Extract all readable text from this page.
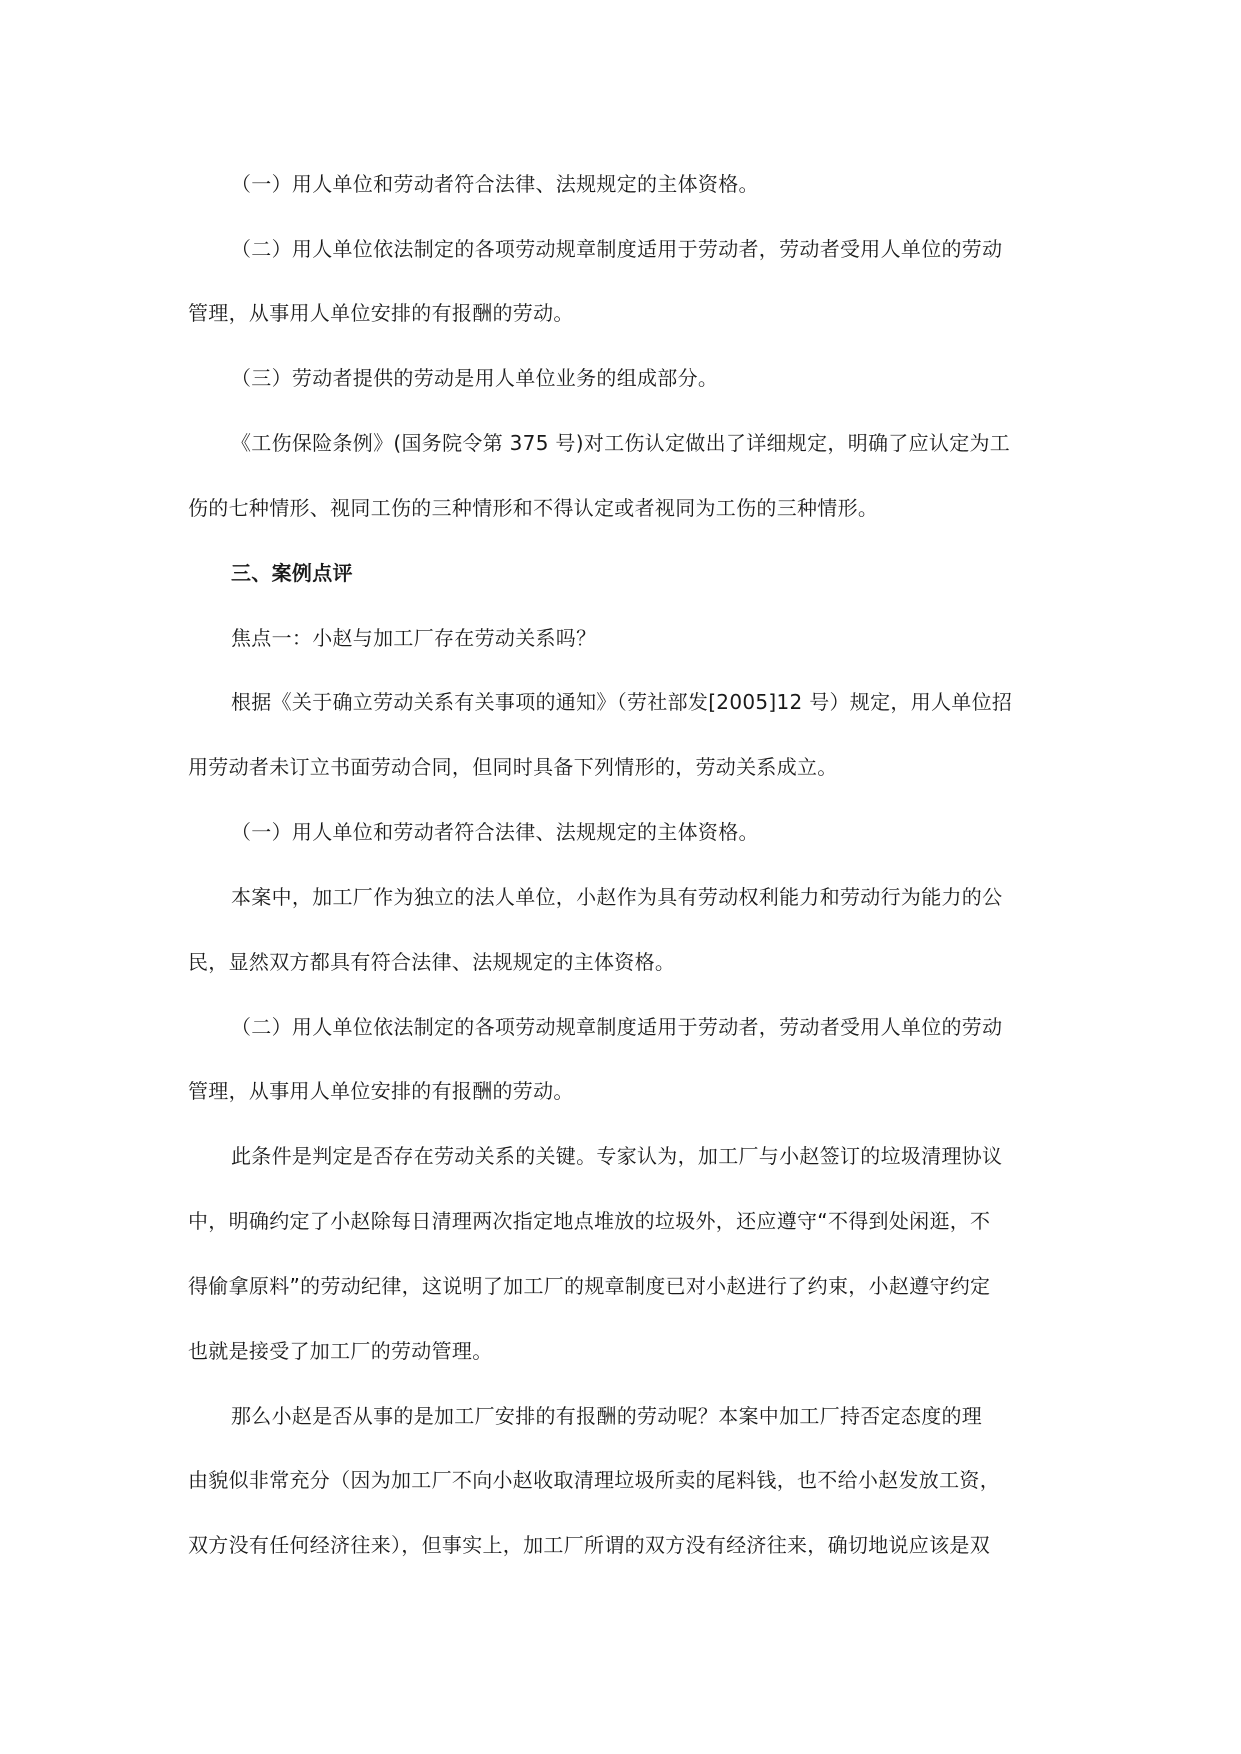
（一）用人单位和劳动者符合法律、法规规定的主体资格。
（二）用人单位依法制定的各项劳动规章制度适用于劳动者，劳动者受用人单位的劳动
管理，从事用人单位安排的有报酬的劳动。
（三）劳动者提供的劳动是用人单位业务的组成部分。
《工伤保险条例》(国务院令第 375 号)对工伤认定做出了详细规定，明确了应认定为工
伤的七种情形、视同工伤的三种情形和不得认定或者视同为工伤的三种情形。
三、案例点评
焦点一：小赵与加工厂存在劳动关系吗？
根据《关于确立劳动关系有关事项的通知》（劳社部发[2005]12 号）规定，用人单位招
用劳动者未订立书面劳动合同，但同时具备下列情形的，劳动关系成立。
（一）用人单位和劳动者符合法律、法规规定的主体资格。
本案中，加工厂作为独立的法人单位，小赵作为具有劳动权利能力和劳动行为能力的公
民，显然双方都具有符合法律、法规规定的主体资格。
（二）用人单位依法制定的各项劳动规章制度适用于劳动者，劳动者受用人单位的劳动
管理，从事用人单位安排的有报酬的劳动。
此条件是判定是否存在劳动关系的关键。专家认为，加工厂与小赵签订的垃圾清理协议
中，明确约定了小赵除每日清理两次指定地点堆放的垃圾外，还应遵守“不得到处闲逛，不
得偷拿原料”的劳动纪律，这说明了加工厂的规章制度已对小赵进行了约束，小赵遵守约定
也就是接受了加工厂的劳动管理。
那么小赵是否从事的是加工厂安排的有报酬的劳动呢？本案中加工厂持否定态度的理
由貌似非常充分（因为加工厂不向小赵收取清理垃圾所卖的尾料钱，也不给小赵发放工资，
双方没有任何经济往来），但事实上，加工厂所谓的双方没有经济往来，确切地说应该是双
